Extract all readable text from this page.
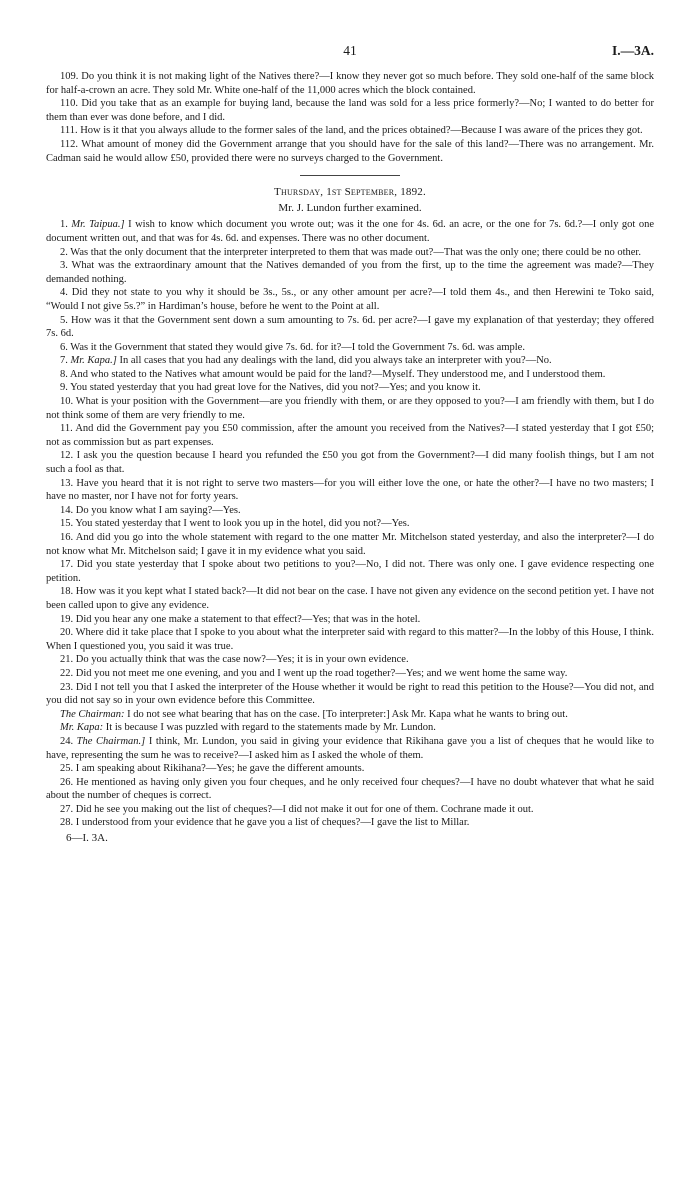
41	I.—3A.

109. Do you think it is not making light of the Natives there?—I know they never got so much before. They sold one-half of the same block for half-a-crown an acre. They sold Mr. White one-half of the 11,000 acres which the block contained.

110. Did you take that as an example for buying land, because the land was sold for a less price formerly?—No; I wanted to do better for them than ever was done before, and I did.

111. How is it that you always allude to the former sales of the land, and the prices obtained?—Because I was aware of the prices they got.

112. What amount of money did the Government arrange that you should have for the sale of this land?—There was no arrangement. Mr. Cadman said he would allow £50, provided there were no surveys charged to the Government.

Thursday, 1st September, 1892.

Mr. J. Lundon further examined.

1. Mr. Taipua.] I wish to know which document you wrote out; was it the one for 4s. 6d. an acre, or the one for 7s. 6d.?—I only got one document written out, and that was for 4s. 6d. and expenses. There was no other document.

2. Was that the only document that the interpreter interpreted to them that was made out?—That was the only one; there could be no other.

3. What was the extraordinary amount that the Natives demanded of you from the first, up to the time the agreement was made?—They demanded nothing.

4. Did they not state to you why it should be 3s., 5s., or any other amount per acre?—I told them 4s., and then Herewini te Toko said, “Would I not give 5s.?” in Hardiman’s house, before he went to the Point at all.

5. How was it that the Government sent down a sum amounting to 7s. 6d. per acre?—I gave my explanation of that yesterday; they offered 7s. 6d.

6. Was it the Government that stated they would give 7s. 6d. for it?—I told the Government 7s. 6d. was ample.

7. Mr. Kapa.] In all cases that you had any dealings with the land, did you always take an interpreter with you?—No.

8. And who stated to the Natives what amount would be paid for the land?—Myself. They understood me, and I understood them.

9. You stated yesterday that you had great love for the Natives, did you not?—Yes; and you know it.

10. What is your position with the Government—are you friendly with them, or are they opposed to you?—I am friendly with them, but I do not think some of them are very friendly to me.

11. And did the Government pay you £50 commission, after the amount you received from the Natives?—I stated yesterday that I got £50; not as commission but as part expenses.

12. I ask you the question because I heard you refunded the £50 you got from the Government?—I did many foolish things, but I am not such a fool as that.

13. Have you heard that it is not right to serve two masters—for you will either love the one, or hate the other?—I have no two masters; I have no master, nor I have not for forty years.

14. Do you know what I am saying?—Yes.

15. You stated yesterday that I went to look you up in the hotel, did you not?—Yes.

16. And did you go into the whole statement with regard to the one matter Mr. Mitchelson stated yesterday, and also the interpreter?—I do not know what Mr. Mitchelson said; I gave it in my evidence what you said.

17. Did you state yesterday that I spoke about two petitions to you?—No, I did not. There was only one. I gave evidence respecting one petition.

18. How was it you kept what I stated back?—It did not bear on the case. I have not given any evidence on the second petition yet. I have not been called upon to give any evidence.

19. Did you hear any one make a statement to that effect?—Yes; that was in the hotel.

20. Where did it take place that I spoke to you about what the interpreter said with regard to this matter?—In the lobby of this House, I think. When I questioned you, you said it was true.

21. Do you actually think that was the case now?—Yes; it is in your own evidence.

22. Did you not meet me one evening, and you and I went up the road together?—Yes; and we went home the same way.

23. Did I not tell you that I asked the interpreter of the House whether it would be right to read this petition to the House?—You did not, and you did not say so in your own evidence before this Committee.

The Chairman: I do not see what bearing that has on the case. [To interpreter:] Ask Mr. Kapa what he wants to bring out.

Mr. Kapa: It is because I was puzzled with regard to the statements made by Mr. Lundon.

24. The Chairman.] I think, Mr. Lundon, you said in giving your evidence that Rikihana gave you a list of cheques that he would like to have, representing the sum he was to receive?—I asked him as I asked the whole of them.

25. I am speaking about Rikihana?—Yes; he gave the different amounts.

26. He mentioned as having only given you four cheques, and he only received four cheques?—I have no doubt whatever that what he said about the number of cheques is correct.

27. Did he see you making out the list of cheques?—I did not make it out for one of them. Cochrane made it out.

28. I understood from your evidence that he gave you a list of cheques?—I gave the list to Millar.

6—I. 3A.
